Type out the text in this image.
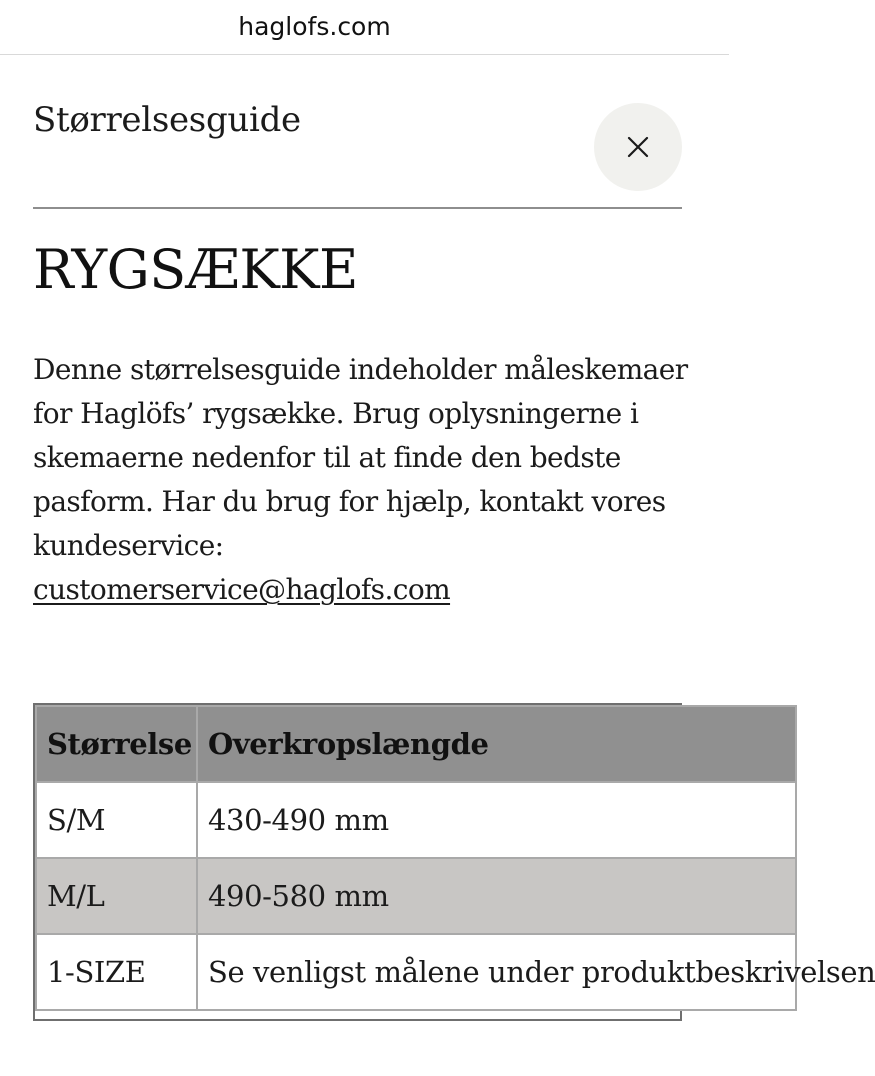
haglofs.com
Størrelsesguide
RYGSÆKKE

Denne størrelsesguide indeholder måleskemaer for Haglöfs’ rygsække. Brug oplysningerne i skemaerne nedenfor til at finde den bedste pasform. Har du brug for hjælp, kontakt vores kundeservice:
customerservice@haglofs.com

Størrelse	Overkropslængde
S/M	430-490 mm
M/L	490-580 mm
1-SIZE	Se venligst målene under produktbeskrivelsen
